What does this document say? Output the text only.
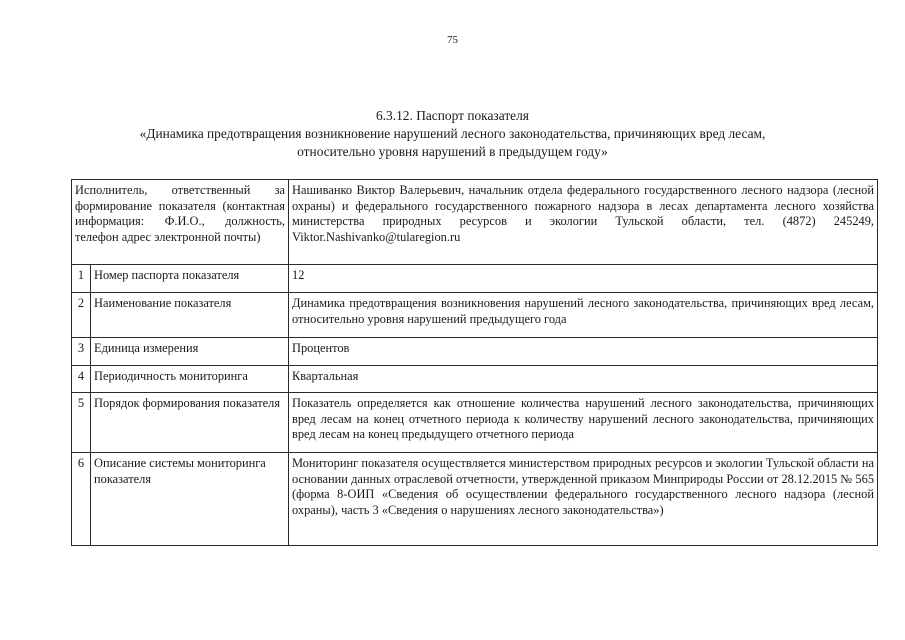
75
6.3.12. Паспорт показателя
«Динамика предотвращения возникновение нарушений лесного законодательства, причиняющих вред лесам,
относительно уровня нарушений в предыдущем году»
Исполнитель, ответственный за формирование показателя (контактная информация: Ф.И.О., должность, телефон адрес электронной почты)		Нашиванко Виктор Валерьевич, начальник отдела федерального государственного лесного надзора (лесной охраны) и федерального государственного пожарного надзора в лесах департамента лесного хозяйства министерства природных ресурсов и экологии Тульской области, тел. (4872) 245249, Viktor.Nashivanko@tularegion.ru
1	Номер паспорта показателя	12
2	Наименование показателя	Динамика предотвращения возникновения нарушений лесного законодательства, причиняющих вред лесам, относительно уровня нарушений предыдущего года
3	Единица измерения	Процентов
4	Периодичность мониторинга	Квартальная
5	Порядок формирования показателя	Показатель определяется как отношение количества нарушений лесного законодательства, причиняющих вред лесам на конец отчетного периода к количеству нарушений лесного законодательства, причиняющих вред лесам на конец предыдущего отчетного периода
6	Описание системы мониторинга показателя	Мониторинг показателя осуществляется министерством природных ресурсов и экологии Тульской области на основании данных отраслевой отчетности, утвержденной приказом Минприроды России от 28.12.2015 № 565 (форма 8-ОИП «Сведения об осуществлении федерального государственного лесного надзора (лесной охраны), часть 3 «Сведения о нарушениях лесного законодательства»)
